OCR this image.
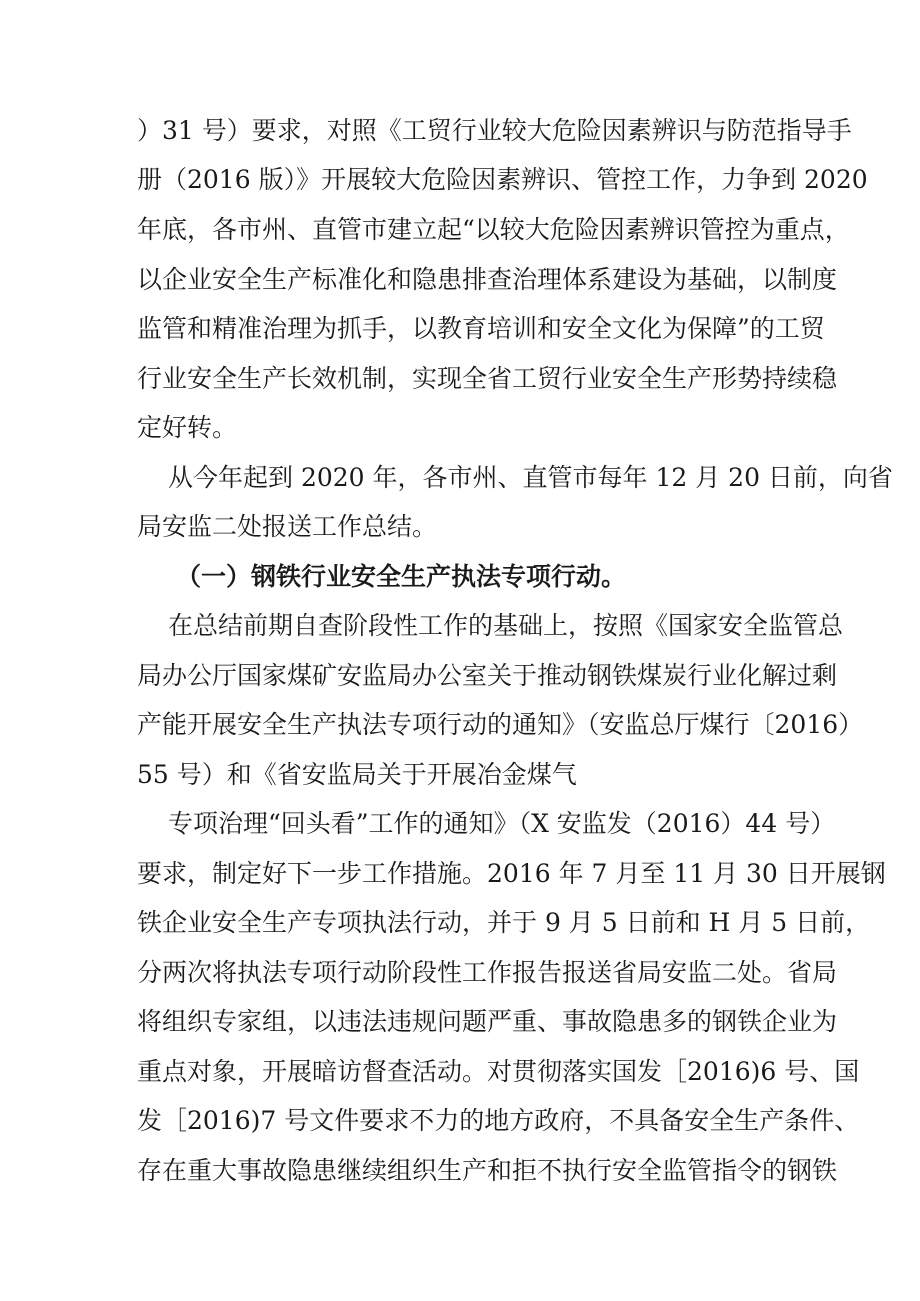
）31 号）要求，对照《工贸行业较大危险因素辨识与防范指导手
册（2016 版）》开展较大危险因素辨识、管控工作，力争到 2020
年底，各市州、直管市建立起“以较大危险因素辨识管控为重点，
以企业安全生产标准化和隐患排查治理体系建设为基础，以制度
监管和精准治理为抓手，以教育培训和安全文化为保障”的工贸
行业安全生产长效机制，实现全省工贸行业安全生产形势持续稳
定好转。
从今年起到 2020 年，各市州、直管市每年 12 月 20 日前，向省
局安监二处报送工作总结。
（一）钢铁行业安全生产执法专项行动。
在总结前期自查阶段性工作的基础上，按照《国家安全监管总
局办公厅国家煤矿安监局办公室关于推动钢铁煤炭行业化解过剩
产能开展安全生产执法专项行动的通知》（安监总厅煤行〔2016）
55 号）和《省安监局关于开展冶金煤气
专项治理“回头看”工作的通知》（X 安监发（2016）44 号）
要求，制定好下一步工作措施。2016 年 7 月至 11 月 30 日开展钢
铁企业安全生产专项执法行动，并于 9 月 5 日前和 H 月 5 日前，
分两次将执法专项行动阶段性工作报告报送省局安监二处。省局
将组织专家组，以违法违规问题严重、事故隐患多的钢铁企业为
重点对象，开展暗访督查活动。对贯彻落实国发［2016)6 号、国
发［2016)7 号文件要求不力的地方政府，不具备安全生产条件、
存在重大事故隐患继续组织生产和拒不执行安全监管指令的钢铁
